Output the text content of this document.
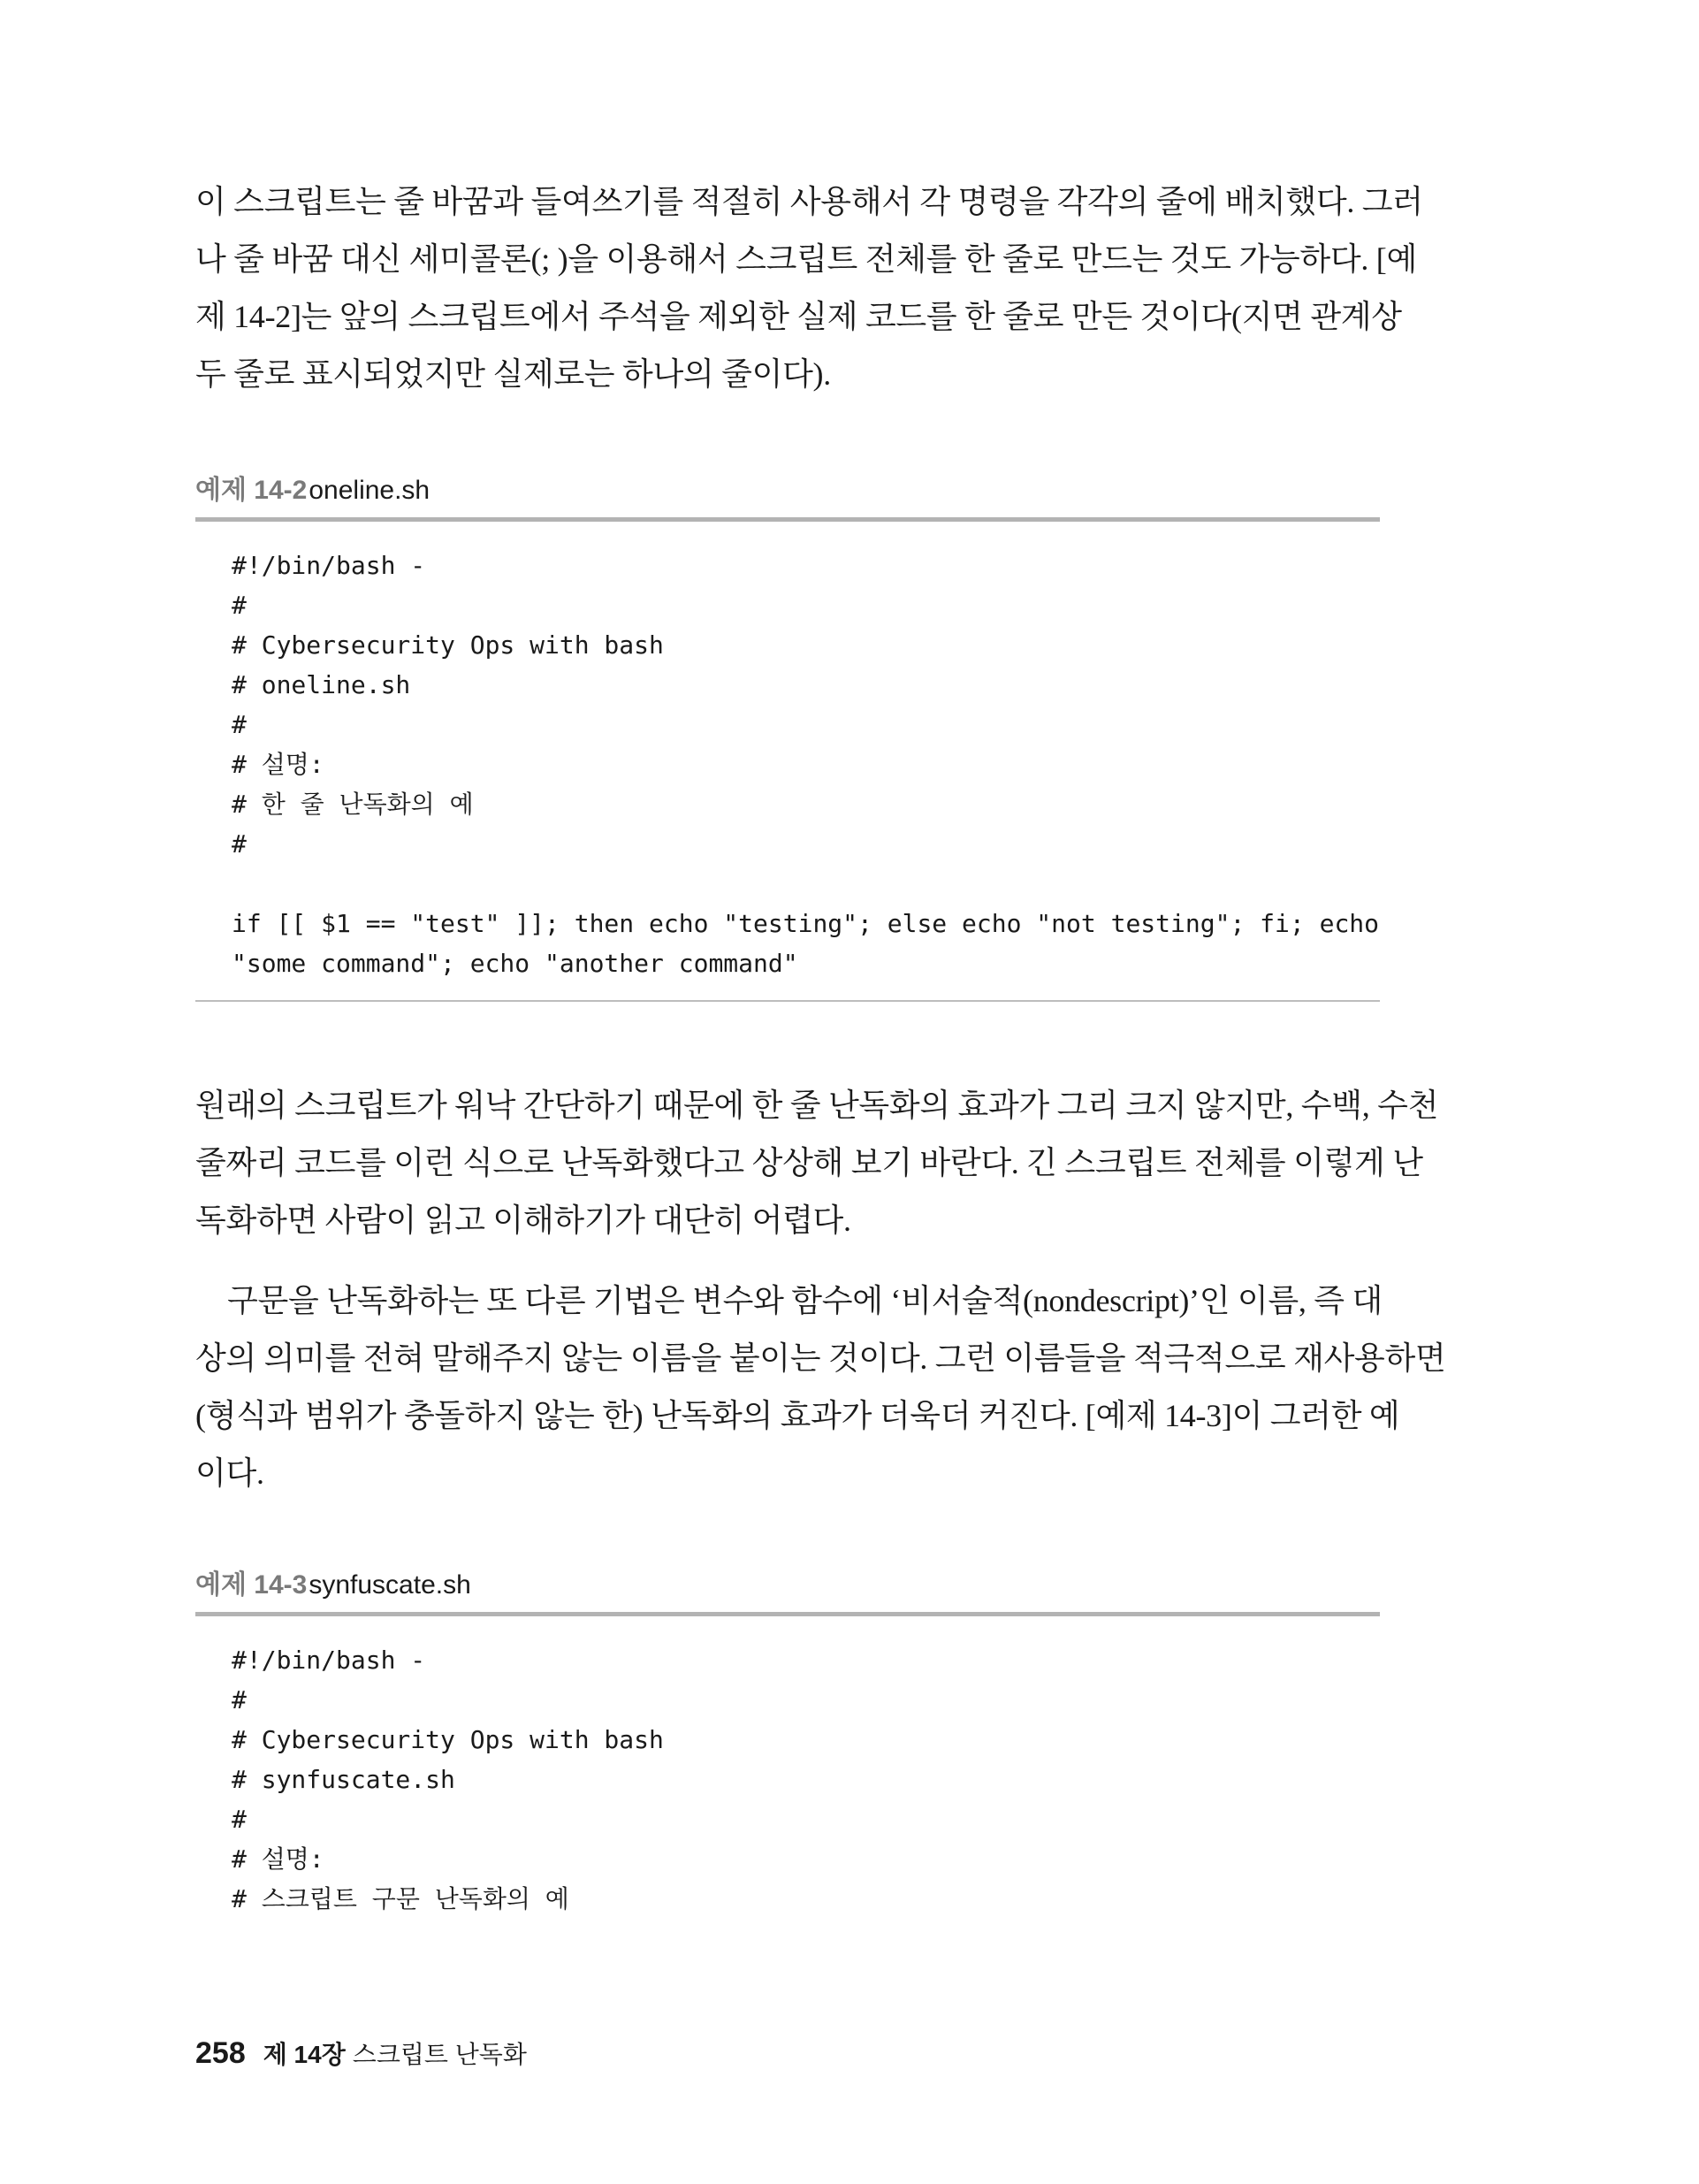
이 스크립트는 줄 바꿈과 들여쓰기를 적절히 사용해서 각 명령을 각각의 줄에 배치했다. 그러
나 줄 바꿈 대신 세미콜론(; )을 이용해서 스크립트 전체를 한 줄로 만드는 것도 가능하다. [예
제 14-2]는 앞의 스크립트에서 주석을 제외한 실제 코드를 한 줄로 만든 것이다(지면 관계상
두 줄로 표시되었지만 실제로는 하나의 줄이다).
예제 14-2oneline.sh
#!/bin/bash -
#
# Cybersecurity Ops with bash
# oneline.sh
#
# 설명:
# 한 줄 난독화의 예
#
if [[ $1 == "test" ]]; then echo "testing"; else echo "not testing"; fi; echo
"some command"; echo "another command"
원래의 스크립트가 워낙 간단하기 때문에 한 줄 난독화의 효과가 그리 크지 않지만, 수백, 수천
줄짜리 코드를 이런 식으로 난독화했다고 상상해 보기 바란다. 긴 스크립트 전체를 이렇게 난
독화하면 사람이 읽고 이해하기가 대단히 어렵다.
구문을 난독화하는 또 다른 기법은 변수와 함수에 ‘비서술적(nondescript)’인 이름, 즉 대
상의 의미를 전혀 말해주지 않는 이름을 붙이는 것이다. 그런 이름들을 적극적으로 재사용하면
(형식과 범위가 충돌하지 않는 한) 난독화의 효과가 더욱더 커진다. [예제 14-3]이 그러한 예
이다.
예제 14-3synfuscate.sh
#!/bin/bash -
#
# Cybersecurity Ops with bash
# synfuscate.sh
#
# 설명:
# 스크립트 구문 난독화의 예
258 제 14장 스크립트 난독화
